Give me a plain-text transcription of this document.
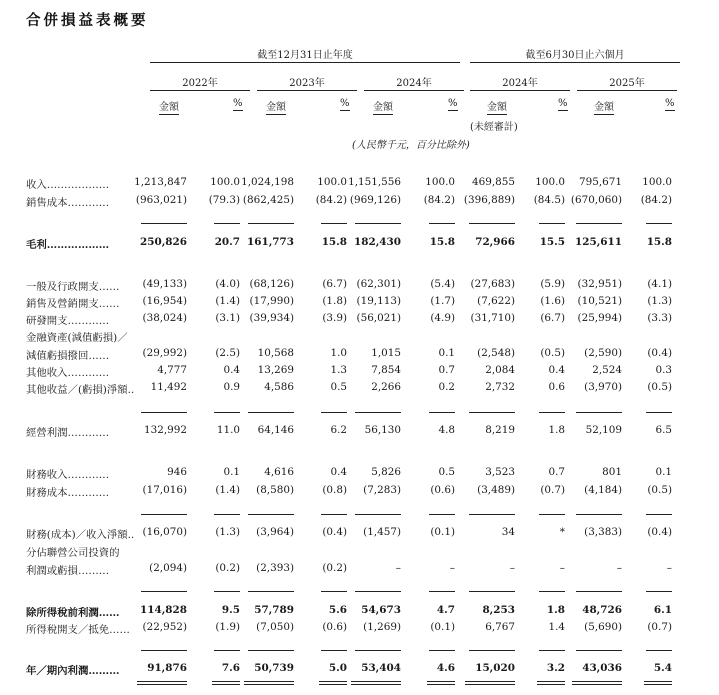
合併損益表概要
截至12月31日止年度	截至6月30日止六個月
2022年	2023年	2024年	2024年	2025年
金額	% 金額	% 金額	%	金額	%	金額	%
(未經審計)
(人民幣千元，百分比除外)
收入……………… 1,213,847 100.0 1,024,198 100.0 1,151,556 100.0 469,855 100.0 795,671 100.0
銷售成本…………	(963,021) (79.3) (862,425) (84.2) (969,126) (84.2) (396,889) (84.5) (670,060) (84.2)
毛利………………	250,826	20.7 161,773	15.8 182,430	15.8 72,966 15.5 125,611 15.8
一般及行政開支…… (49,133)	(4.0) (68,126)	(6.7) (62,301)	(5.4) (27,683) (5.9) (32,951) (4.1)
銷售及營銷開支…… (16,954)	(1.4) (17,990)	(1.8) (19,113)	(1.7) (7,622) (1.6) (10,521) (1.3)
研發開支…………	(38,024)	(3.1) (39,934)	(3.9) (56,021)	(4.9) (31,710) (6.7) (25,994) (3.3)
金融資產(減值虧損)／
減值虧損撥回……	(29,992)	(2.5) 10,568	1.0 1,015	0.1 (2,548) (0.5) (2,590) (0.4)
其他收入…………	4,777	0.4 13,269	1.3 7,854	0.7	2,084	0.4	2,524	0.3
其他收益／(虧損)淨額.. 11,492	0.9 4,586	0.5 2,266	0.2	2,732	0.6 (3,970) (0.5)
經營利潤…………	132,992	11.0 64,146	6.2 56,130	4.8	8,219	1.8 52,109	6.5
財務收入…………	946	0.1 4,616	0.4 5,826	0.5	3,523	0.7	801	0.1
財務成本…………	(17,016)	(1.4) (8,580)	(0.8) (7,283)	(0.6) (3,489) (0.7) (4,184) (0.5)
財務(成本)／收入淨額.. (16,070)	(1.3) (3,964)	(0.4) (1,457)	(0.1)	34	* (3,383) (0.4)
分佔聯營公司投資的
利潤或虧損………	(2,094)	(0.2) (2,393)	(0.2)	–	–	–	–	–	–
除所得稅前利潤…… 114,828	9.5 57,789	5.6 54,673	4.7	8,253	1.8 48,726	6.1
所得稅開支／抵免…… (22,952)	(1.9) (7,050)	(0.6) (1,269)	(0.1)	6,767	1.4 (5,690) (0.7)
年／期內利潤………	91,876	7.6 50,739	5.0 53,404	4.6 15,020	3.2 43,036	5.4
